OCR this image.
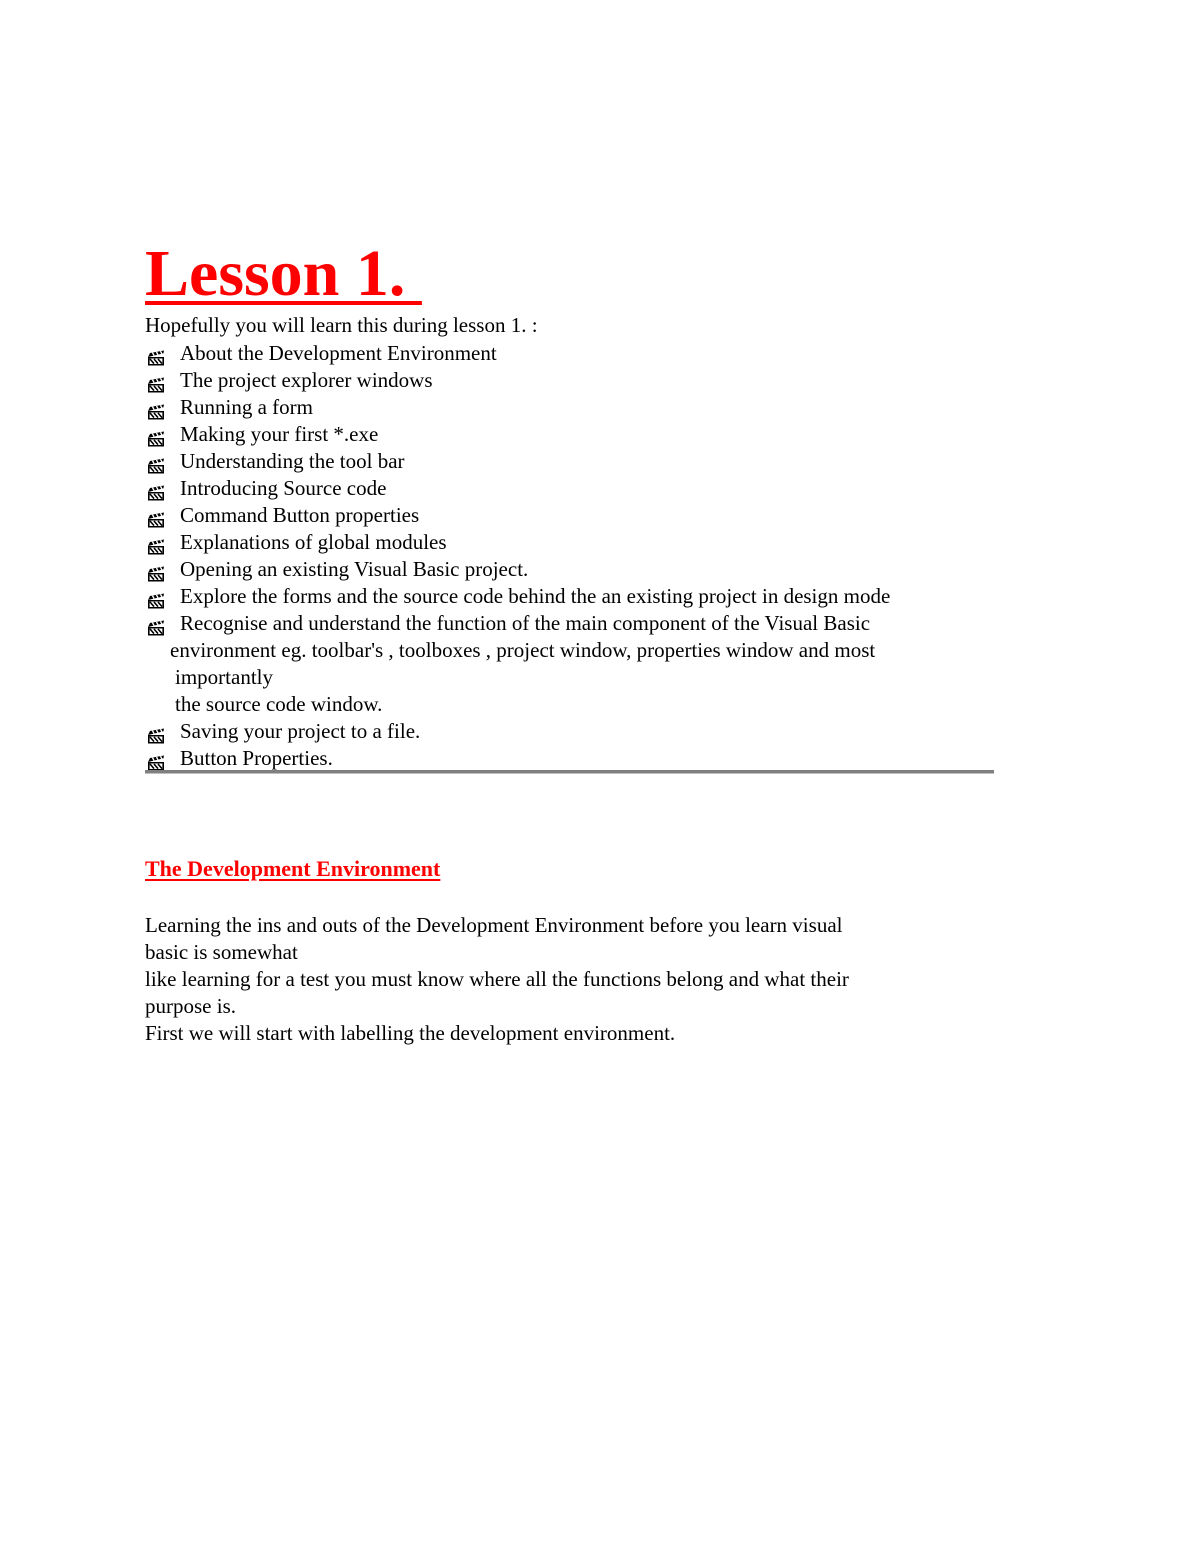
Lesson 1.
Hopefully you will learn this during lesson 1. :
About the Development Environment
The project explorer windows
Running a form
Making your first *.exe
Understanding the tool bar
Introducing Source code
Command Button properties
Explanations of global modules
Opening an existing Visual Basic project.
Explore the forms and the source code behind the an existing project in design mode
Recognise and understand the function of the main component of the Visual Basic
environment eg. toolbar's , toolboxes , project window, properties window and most
importantly
the source code window.
Saving your project to a file.
Button Properties.
The Development Environment
Learning the ins and outs of the Development Environment before you learn visual
basic is somewhat
like learning for a test you must know where all the functions belong and what their
purpose is.
First we will start with labelling the development environment.
